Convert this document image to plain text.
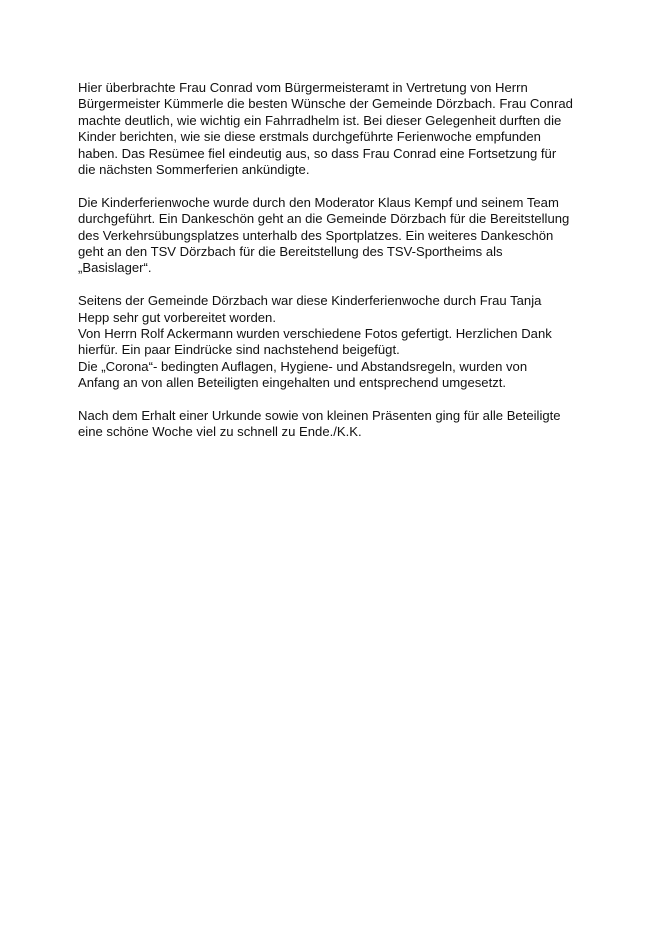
Hier überbrachte Frau Conrad vom Bürgermeisteramt in Vertretung von Herrn
Bürgermeister Kümmerle die besten Wünsche der Gemeinde Dörzbach. Frau Conrad
machte deutlich, wie wichtig ein Fahrradhelm ist. Bei dieser Gelegenheit durften die
Kinder berichten, wie sie diese erstmals durchgeführte Ferienwoche empfunden
haben. Das Resümee fiel eindeutig aus, so dass Frau Conrad eine Fortsetzung für
die nächsten Sommerferien ankündigte.

Die Kinderferienwoche wurde durch den Moderator Klaus Kempf und seinem Team
durchgeführt. Ein Dankeschön geht an die Gemeinde Dörzbach für die Bereitstellung
des Verkehrsübungsplatzes unterhalb des Sportplatzes. Ein weiteres Dankeschön
geht an den TSV Dörzbach für die Bereitstellung des TSV-Sportheims als
„Basislager“.

Seitens der Gemeinde Dörzbach war diese Kinderferienwoche durch Frau Tanja
Hepp sehr gut vorbereitet worden.
Von Herrn Rolf Ackermann wurden verschiedene Fotos gefertigt. Herzlichen Dank
hierfür. Ein paar Eindrücke sind nachstehend beigefügt.
Die „Corona“- bedingten Auflagen, Hygiene- und Abstandsregeln, wurden von
Anfang an von allen Beteiligten eingehalten und entsprechend umgesetzt.

Nach dem Erhalt einer Urkunde sowie von kleinen Präsenten ging für alle Beteiligte
eine schöne Woche viel zu schnell zu Ende./K.K.
